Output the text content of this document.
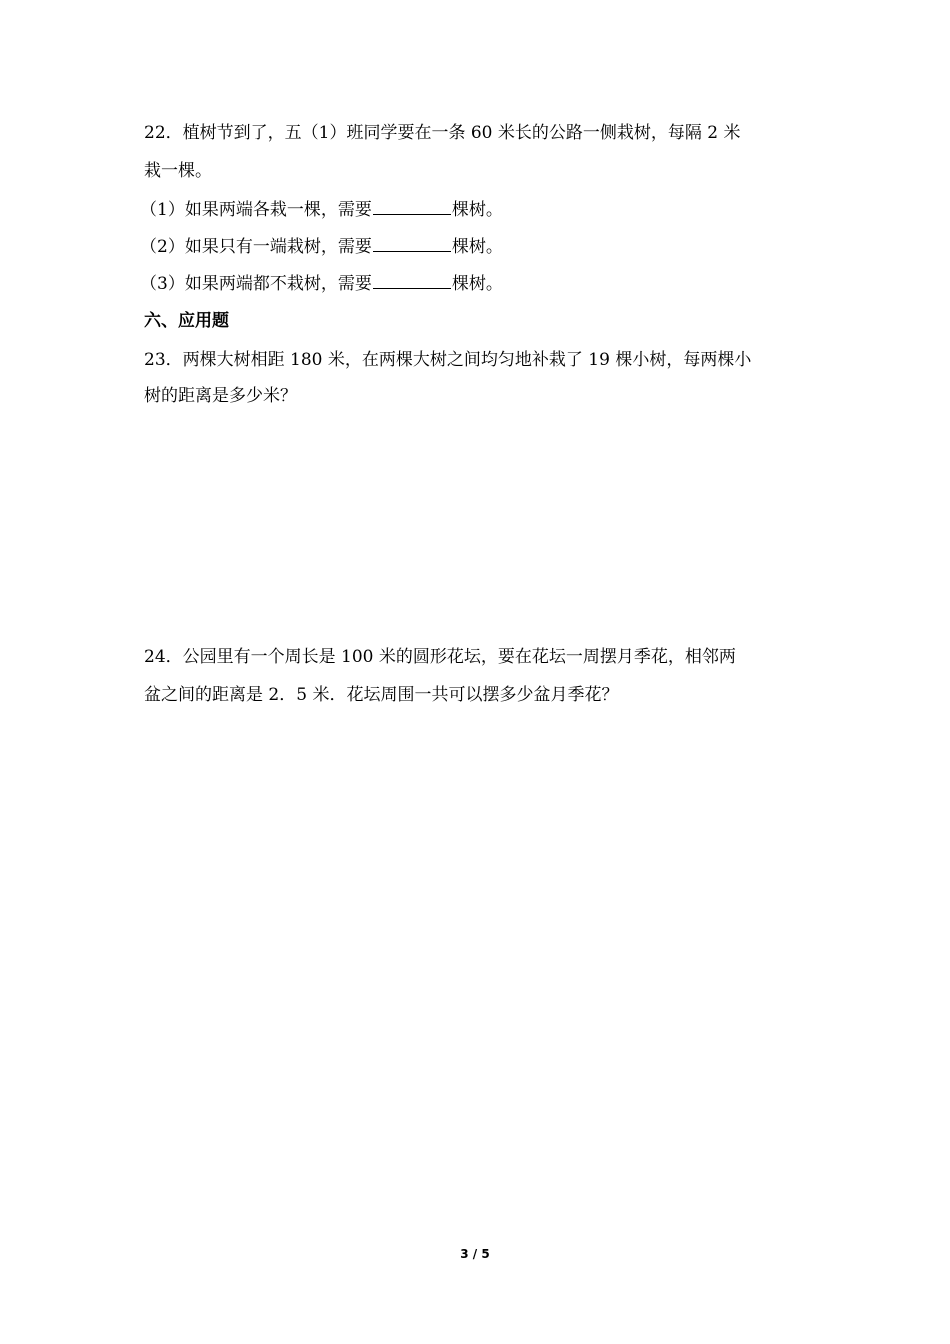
22．植树节到了，五（1）班同学要在一条 60 米长的公路一侧栽树，每隔 2 米
栽一棵。
（1）如果两端各栽一棵，需要	棵树。
（2）如果只有一端栽树，需要	棵树。
（3）如果两端都不栽树，需要	棵树。
六、应用题
23．两棵大树相距 180 米，在两棵大树之间均匀地补栽了 19 棵小树，每两棵小
树的距离是多少米？
24．公园里有一个周长是 100 米的圆形花坛，要在花坛一周摆月季花，相邻两
盆之间的距离是 2．5 米．花坛周围一共可以摆多少盆月季花？
3 / 5
